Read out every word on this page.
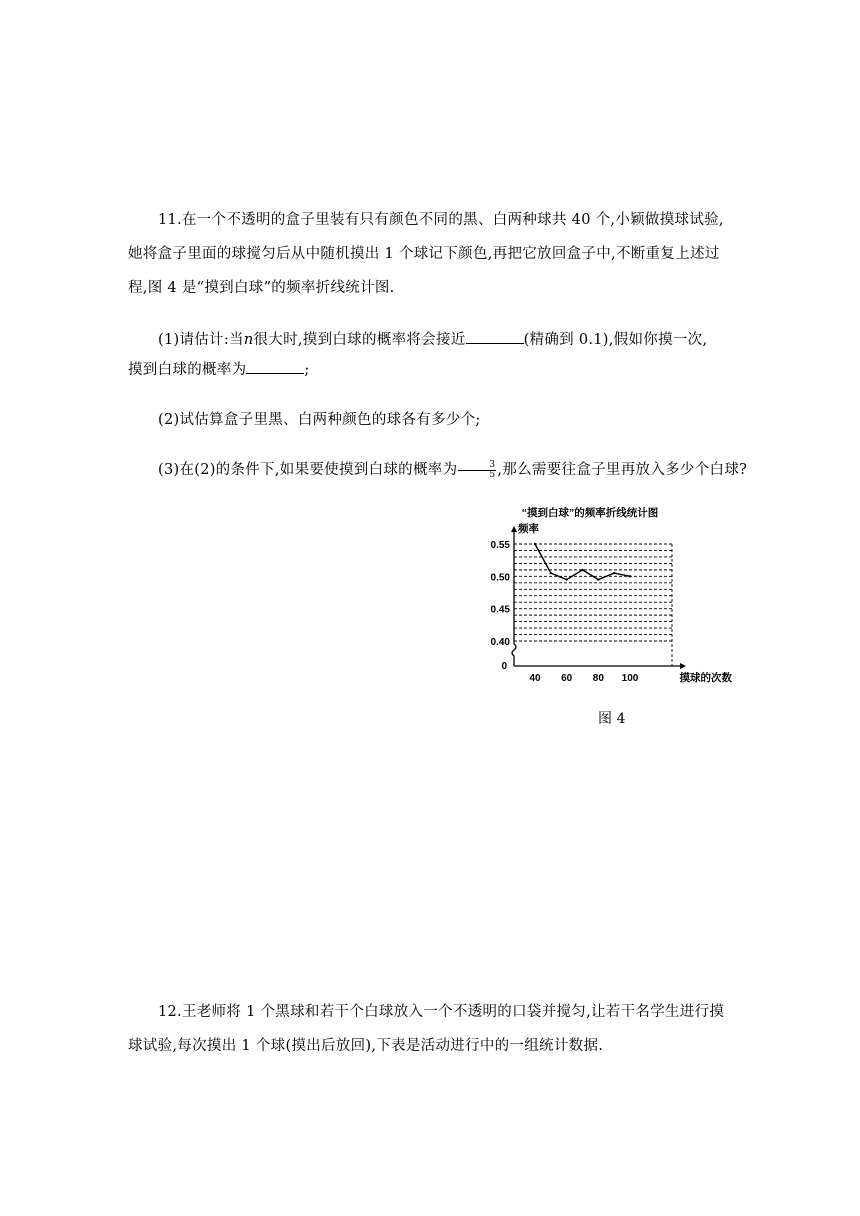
11.在一个不透明的盒子里装有只有颜色不同的黑、白两种球共 40 个,小颖做摸球试验,
她将盒子里面的球搅匀后从中随机摸出 1 个球记下颜色,再把它放回盒子中,不断重复上述过
程,图 4 是“摸到白球”的频率折线统计图.
(1)请估计:当n很大时,摸到白球的概率将会接近	(精确到 0.1),假如你摸一次,
摸到白球的概率为	;
(2)试估算盒子里黑、白两种颜色的球各有多少个;
(3)在(2)的条件下,如果要使摸到白球的概率为 $\frac{3}{5}$ ,那么需要往盒子里再放入多少个白球?
“摸到白球”的频率折线统计图
频率
0
0.55
0.50
0.45
0.40
40 60 80 100	摸球的次数
图 4
12.王老师将 1 个黑球和若干个白球放入一个不透明的口袋并搅匀,让若干名学生进行摸
球试验,每次摸出 1 个球(摸出后放回),下表是活动进行中的一组统计数据.
